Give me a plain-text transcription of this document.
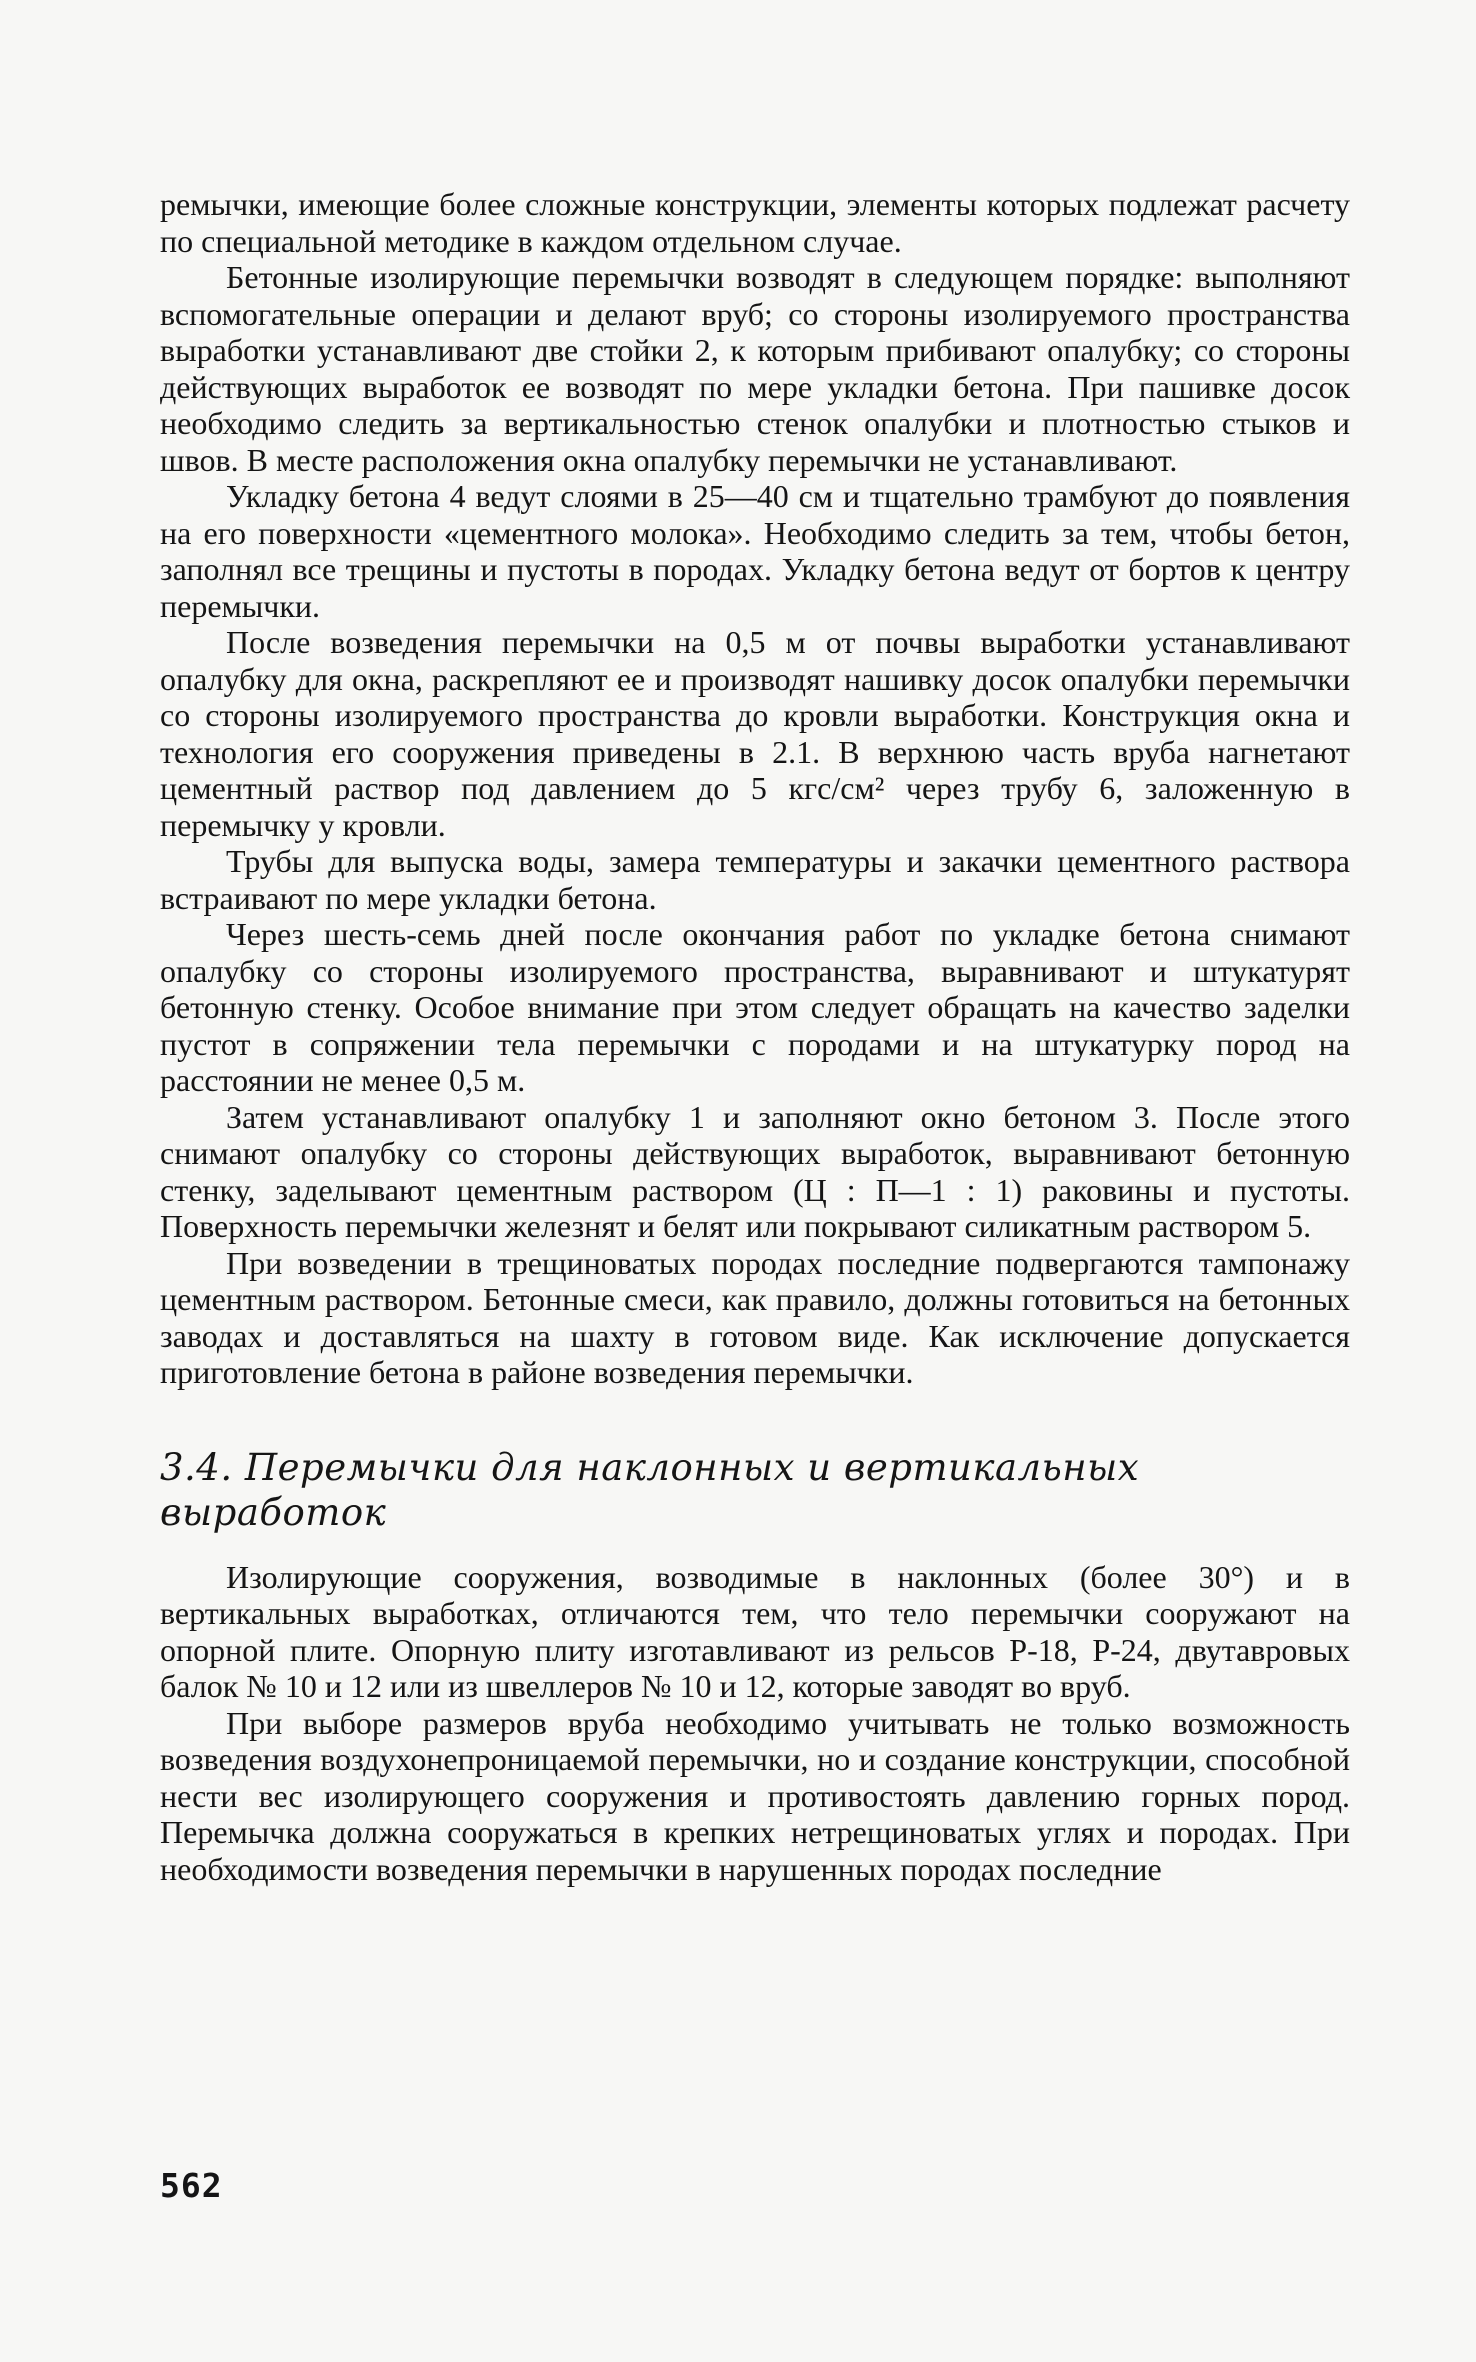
ремычки, имеющие более сложные конструкции, элементы которых подлежат расчету по специальной методике в каждом отдельном случае.

Бетонные изолирующие перемычки возводят в следующем порядке: выполняют вспомогательные операции и делают вруб; со стороны изолируемого пространства выработки устанавливают две стойки 2, к которым прибивают опалубку; со стороны действующих выработок ее возводят по мере укладки бетона. При пашивке досок необходимо следить за вертикальностью стенок опалубки и плотностью стыков и швов. В месте расположения окна опалубку перемычки не устанавливают.

Укладку бетона 4 ведут слоями в 25—40 см и тщательно трамбуют до появления на его поверхности «цементного молока». Необходимо следить за тем, чтобы бетон, заполнял все трещины и пустоты в породах. Укладку бетона ведут от бортов к центру перемычки.

После возведения перемычки на 0,5 м от почвы выработки устанавливают опалубку для окна, раскрепляют ее и производят нашивку досок опалубки перемычки со стороны изолируемого пространства до кровли выработки. Конструкция окна и технология его сооружения приведены в 2.1. В верхнюю часть вруба нагнетают цементный раствор под давлением до 5 кгс/см² через трубу 6, заложенную в перемычку у кровли.

Трубы для выпуска воды, замера температуры и закачки цементного раствора встраивают по мере укладки бетона.

Через шесть-семь дней после окончания работ по укладке бетона снимают опалубку со стороны изолируемого пространства, выравнивают и штукатурят бетонную стенку. Особое внимание при этом следует обращать на качество заделки пустот в сопряжении тела перемычки с породами и на штукатурку пород на расстоянии не менее 0,5 м.

Затем устанавливают опалубку 1 и заполняют окно бетоном 3. После этого снимают опалубку со стороны действующих выработок, выравнивают бетонную стенку, заделывают цементным раствором (Ц : П—1 : 1) раковины и пустоты. Поверхность перемычки железнят и белят или покрывают силикатным раствором 5.

При возведении в трещиноватых породах последние подвергаются тампонажу цементным раствором. Бетонные смеси, как правило, должны готовиться на бетонных заводах и доставляться на шахту в готовом виде. Как исключение допускается приготовление бетона в районе возведения перемычки.

3.4. Перемычки для наклонных и вертикальных выработок

Изолирующие сооружения, возводимые в наклонных (более 30°) и в вертикальных выработках, отличаются тем, что тело перемычки сооружают на опорной плите. Опорную плиту изготавливают из рельсов Р-18, Р-24, двутавровых балок № 10 и 12 или из швеллеров № 10 и 12, которые заводят во вруб.

При выборе размеров вруба необходимо учитывать не только возможность возведения воздухонепроницаемой перемычки, но и создание конструкции, способной нести вес изолирующего сооружения и противостоять давлению горных пород. Перемычка должна сооружаться в крепких нетрещиноватых углях и породах. При необходимости возведения перемычки в нарушенных породах последние

562
